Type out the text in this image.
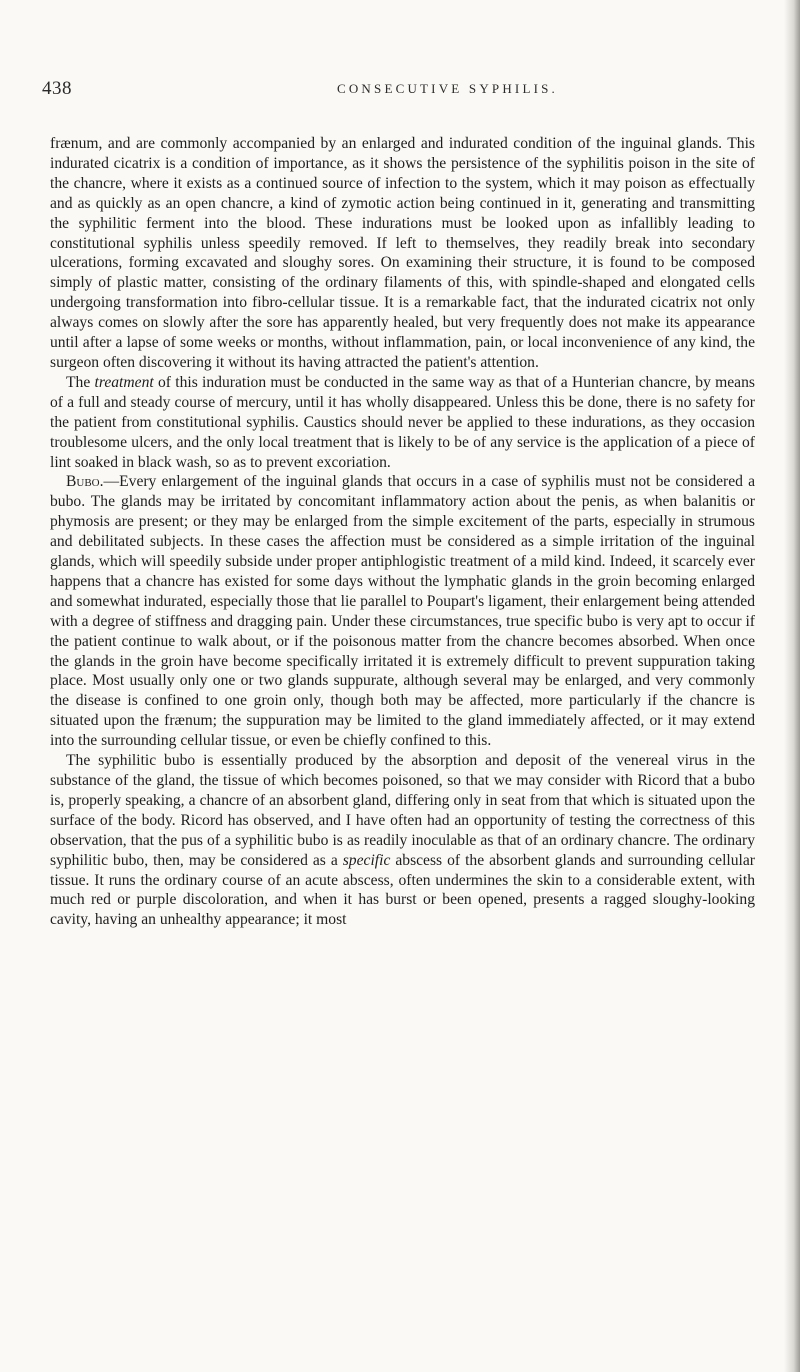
438	CONSECUTIVE SYPHILIS.

frænum, and are commonly accompanied by an enlarged and indurated condition of the inguinal glands. This indurated cicatrix is a condition of importance, as it shows the persistence of the syphilitis poison in the site of the chancre, where it exists as a continued source of infection to the system, which it may poison as effectually and as quickly as an open chancre, a kind of zymotic action being continued in it, generating and transmitting the syphilitic ferment into the blood. These indurations must be looked upon as infallibly leading to constitutional syphilis unless speedily removed. If left to themselves, they readily break into secondary ulcerations, forming excavated and sloughy sores. On examining their structure, it is found to be composed simply of plastic matter, consisting of the ordinary filaments of this, with spindle-shaped and elongated cells undergoing transformation into fibro-cellular tissue. It is a remarkable fact, that the indurated cicatrix not only always comes on slowly after the sore has apparently healed, but very frequently does not make its appearance until after a lapse of some weeks or months, without inflammation, pain, or local inconvenience of any kind, the surgeon often discovering it without its having attracted the patient's attention.

The treatment of this induration must be conducted in the same way as that of a Hunterian chancre, by means of a full and steady course of mercury, until it has wholly disappeared. Unless this be done, there is no safety for the patient from constitutional syphilis. Caustics should never be applied to these indurations, as they occasion troublesome ulcers, and the only local treatment that is likely to be of any service is the application of a piece of lint soaked in black wash, so as to prevent excoriation.

Bubo.—Every enlargement of the inguinal glands that occurs in a case of syphilis must not be considered a bubo. The glands may be irritated by concomitant inflammatory action about the penis, as when balanitis or phymosis are present; or they may be enlarged from the simple excitement of the parts, especially in strumous and debilitated subjects. In these cases the affection must be considered as a simple irritation of the inguinal glands, which will speedily subside under proper antiphlogistic treatment of a mild kind. Indeed, it scarcely ever happens that a chancre has existed for some days without the lymphatic glands in the groin becoming enlarged and somewhat indurated, especially those that lie parallel to Poupart's ligament, their enlargement being attended with a degree of stiffness and dragging pain. Under these circumstances, true specific bubo is very apt to occur if the patient continue to walk about, or if the poisonous matter from the chancre becomes absorbed. When once the glands in the groin have become specifically irritated it is extremely difficult to prevent suppuration taking place. Most usually only one or two glands suppurate, although several may be enlarged, and very commonly the disease is confined to one groin only, though both may be affected, more particularly if the chancre is situated upon the frænum; the suppuration may be limited to the gland immediately affected, or it may extend into the surrounding cellular tissue, or even be chiefly confined to this.

The syphilitic bubo is essentially produced by the absorption and deposit of the venereal virus in the substance of the gland, the tissue of which becomes poisoned, so that we may consider with Ricord that a bubo is, properly speaking, a chancre of an absorbent gland, differing only in seat from that which is situated upon the surface of the body. Ricord has observed, and I have often had an opportunity of testing the correctness of this observation, that the pus of a syphilitic bubo is as readily inoculable as that of an ordinary chancre. The ordinary syphilitic bubo, then, may be considered as a specific abscess of the absorbent glands and surrounding cellular tissue. It runs the ordinary course of an acute abscess, often undermines the skin to a considerable extent, with much red or purple discoloration, and when it has burst or been opened, presents a ragged sloughy-looking cavity, having an unhealthy appearance; it most
